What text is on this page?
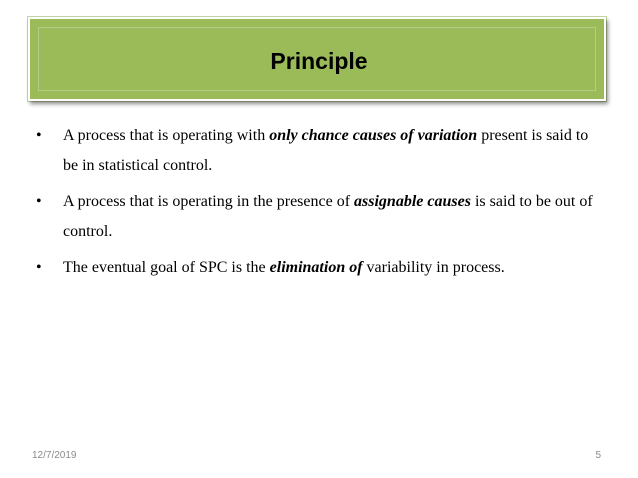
Principle
• A process that is operating with only chance causes of variation present is said to be in statistical control.
• A process that is operating in the presence of assignable causes is said to be out of control.
• The eventual goal of SPC is the elimination of variability in process.
12/7/2019	5
